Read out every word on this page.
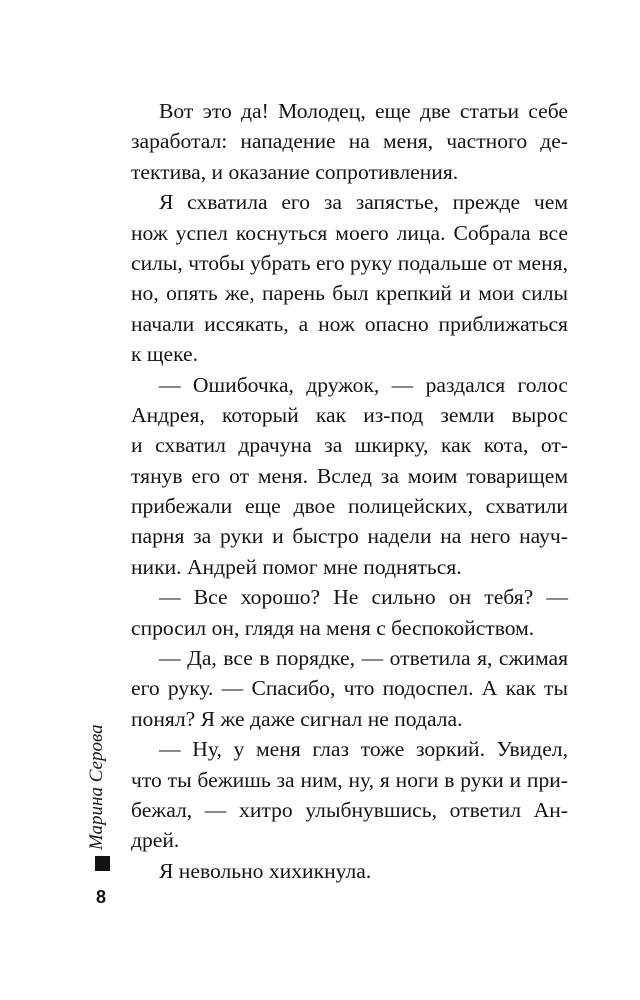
Вот это да! Молодец, еще две статьи себе
заработал: нападение на меня, частного де-
тектива, и оказание сопротивления.
Я схватила его за запястье, прежде чем
нож успел коснуться моего лица. Собрала все
силы, чтобы убрать его руку подальше от меня,
но, опять же, парень был крепкий и мои силы
начали иссякать, а нож опасно приближаться
к щеке.
— Ошибочка, дружок, — раздался голос
Андрея, который как из-под земли вырос
и схватил драчуна за шкирку, как кота, от-
тянув его от меня. Вслед за моим товарищем
прибежали еще двое полицейских, схватили
парня за руки и быстро надели на него науч-
ники. Андрей помог мне подняться.
— Все хорошо? Не сильно он тебя? —
спросил он, глядя на меня с беспокойством.
— Да, все в порядке, — ответила я, сжимая
его руку. — Спасибо, что подоспел. А как ты
понял? Я же даже сигнал не подала.
— Ну, у меня глаз тоже зоркий. Увидел,
что ты бежишь за ним, ну, я ноги в руки и при-
бежал, — хитро улыбнувшись, ответил Ан-
дрей.
Я невольно хихикнула.
Марина Серова
8
